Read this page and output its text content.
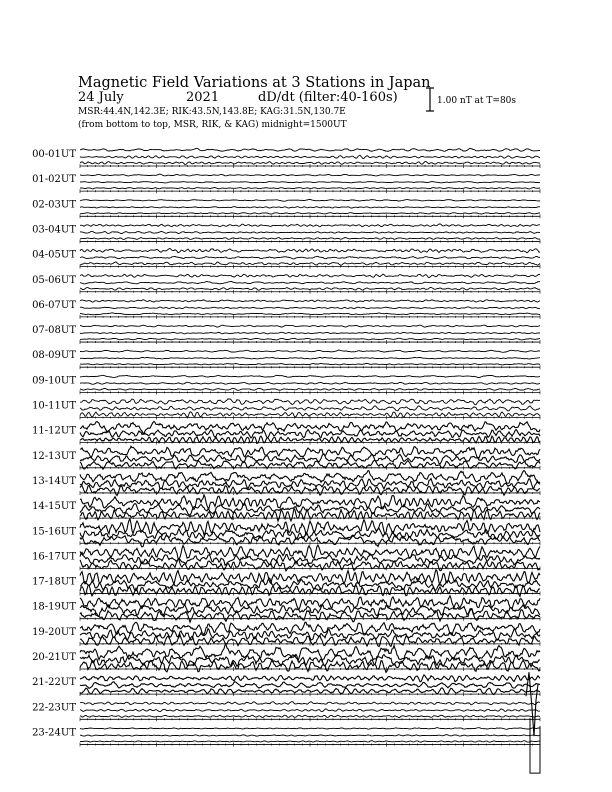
Magnetic Field Variations at 3 Stations in Japan
24 July	2021	dD/dt (filter:40-160s)
MSR:44.4N,142.3E; RIK:43.5N,143.8E; KAG:31.5N,130.7E
(from bottom to top, MSR, RIK, & KAG) midnight=1500UT
1.00 nT at T=80s
00-01UT
01-02UT
02-03UT
03-04UT
04-05UT
05-06UT
06-07UT
07-08UT
08-09UT
09-10UT
10-11UT
11-12UT
12-13UT
13-14UT
14-15UT
15-16UT
16-17UT
17-18UT
18-19UT
19-20UT
20-21UT
21-22UT
22-23UT
23-24UT
